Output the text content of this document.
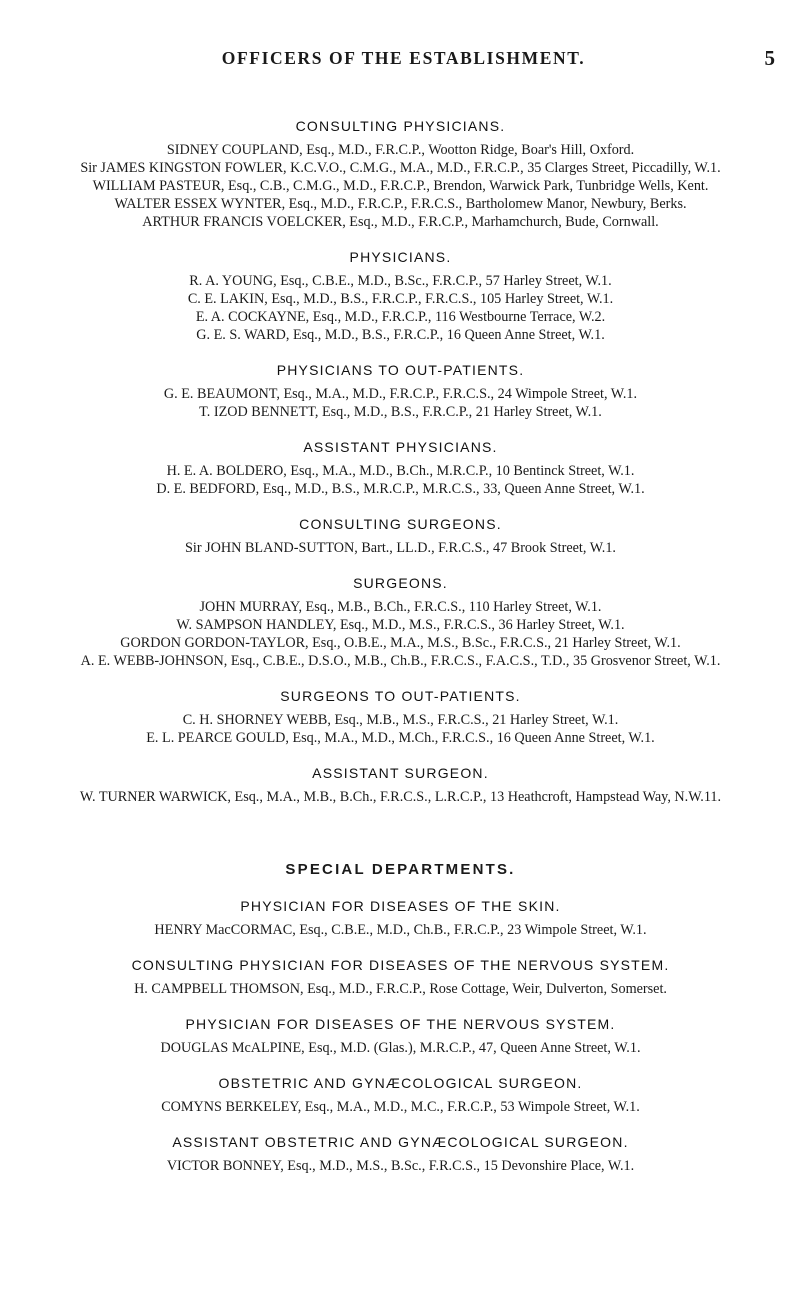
OFFICERS OF THE ESTABLISHMENT.	5
CONSULTING PHYSICIANS.
SIDNEY COUPLAND, Esq., M.D., F.R.C.P., Wootton Ridge, Boar's Hill, Oxford.
Sir JAMES KINGSTON FOWLER, K.C.V.O., C.M.G., M.A., M.D., F.R.C.P., 35 Clarges Street, Piccadilly, W.1.
WILLIAM PASTEUR, Esq., C.B., C.M.G., M.D., F.R.C.P., Brendon, Warwick Park, Tunbridge Wells, Kent.
WALTER ESSEX WYNTER, Esq., M.D., F.R.C.P., F.R.C.S., Bartholomew Manor, Newbury, Berks.
ARTHUR FRANCIS VOELCKER, Esq., M.D., F.R.C.P., Marhamchurch, Bude, Cornwall.
PHYSICIANS.
R. A. YOUNG, Esq., C.B.E., M.D., B.Sc., F.R.C.P., 57 Harley Street, W.1.
C. E. LAKIN, Esq., M.D., B.S., F.R.C.P., F.R.C.S., 105 Harley Street, W.1.
E. A. COCKAYNE, Esq., M.D., F.R.C.P., 116 Westbourne Terrace, W.2.
G. E. S. WARD, Esq., M.D., B.S., F.R.C.P., 16 Queen Anne Street, W.1.
PHYSICIANS TO OUT-PATIENTS.
G. E. BEAUMONT, Esq., M.A., M.D., F.R.C.P., F.R.C.S., 24 Wimpole Street, W.1.
T. IZOD BENNETT, Esq., M.D., B.S., F.R.C.P., 21 Harley Street, W.1.
ASSISTANT PHYSICIANS.
H. E. A. BOLDERO, Esq., M.A., M.D., B.Ch., M.R.C.P., 10 Bentinck Street, W.1.
D. E. BEDFORD, Esq., M.D., B.S., M.R.C.P., M.R.C.S., 33, Queen Anne Street, W.1.
CONSULTING SURGEONS.
Sir JOHN BLAND-SUTTON, Bart., LL.D., F.R.C.S., 47 Brook Street, W.1.
SURGEONS.
JOHN MURRAY, Esq., M.B., B.Ch., F.R.C.S., 110 Harley Street, W.1.
W. SAMPSON HANDLEY, Esq., M.D., M.S., F.R.C.S., 36 Harley Street, W.1.
GORDON GORDON-TAYLOR, Esq., O.B.E., M.A., M.S., B.Sc., F.R.C.S., 21 Harley Street, W.1.
A. E. WEBB-JOHNSON, Esq., C.B.E., D.S.O., M.B., Ch.B., F.R.C.S., F.A.C.S., T.D., 35 Grosvenor Street, W.1.
SURGEONS TO OUT-PATIENTS.
C. H. SHORNEY WEBB, Esq., M.B., M.S., F.R.C.S., 21 Harley Street, W.1.
E. L. PEARCE GOULD, Esq., M.A., M.D., M.Ch., F.R.C.S., 16 Queen Anne Street, W.1.
ASSISTANT SURGEON.
W. TURNER WARWICK, Esq., M.A., M.B., B.Ch., F.R.C.S., L.R.C.P., 13 Heathcroft, Hampstead Way, N.W.11.
SPECIAL DEPARTMENTS.
PHYSICIAN FOR DISEASES OF THE SKIN.
HENRY MacCORMAC, Esq., C.B.E., M.D., Ch.B., F.R.C.P., 23 Wimpole Street, W.1.
CONSULTING PHYSICIAN FOR DISEASES OF THE NERVOUS SYSTEM.
H. CAMPBELL THOMSON, Esq., M.D., F.R.C.P., Rose Cottage, Weir, Dulverton, Somerset.
PHYSICIAN FOR DISEASES OF THE NERVOUS SYSTEM.
DOUGLAS McALPINE, Esq., M.D. (Glas.), M.R.C.P., 47, Queen Anne Street, W.1.
OBSTETRIC AND GYNÆCOLOGICAL SURGEON.
COMYNS BERKELEY, Esq., M.A., M.D., M.C., F.R.C.P., 53 Wimpole Street, W.1.
ASSISTANT OBSTETRIC AND GYNÆCOLOGICAL SURGEON.
VICTOR BONNEY, Esq., M.D., M.S., B.Sc., F.R.C.S., 15 Devonshire Place, W.1.
